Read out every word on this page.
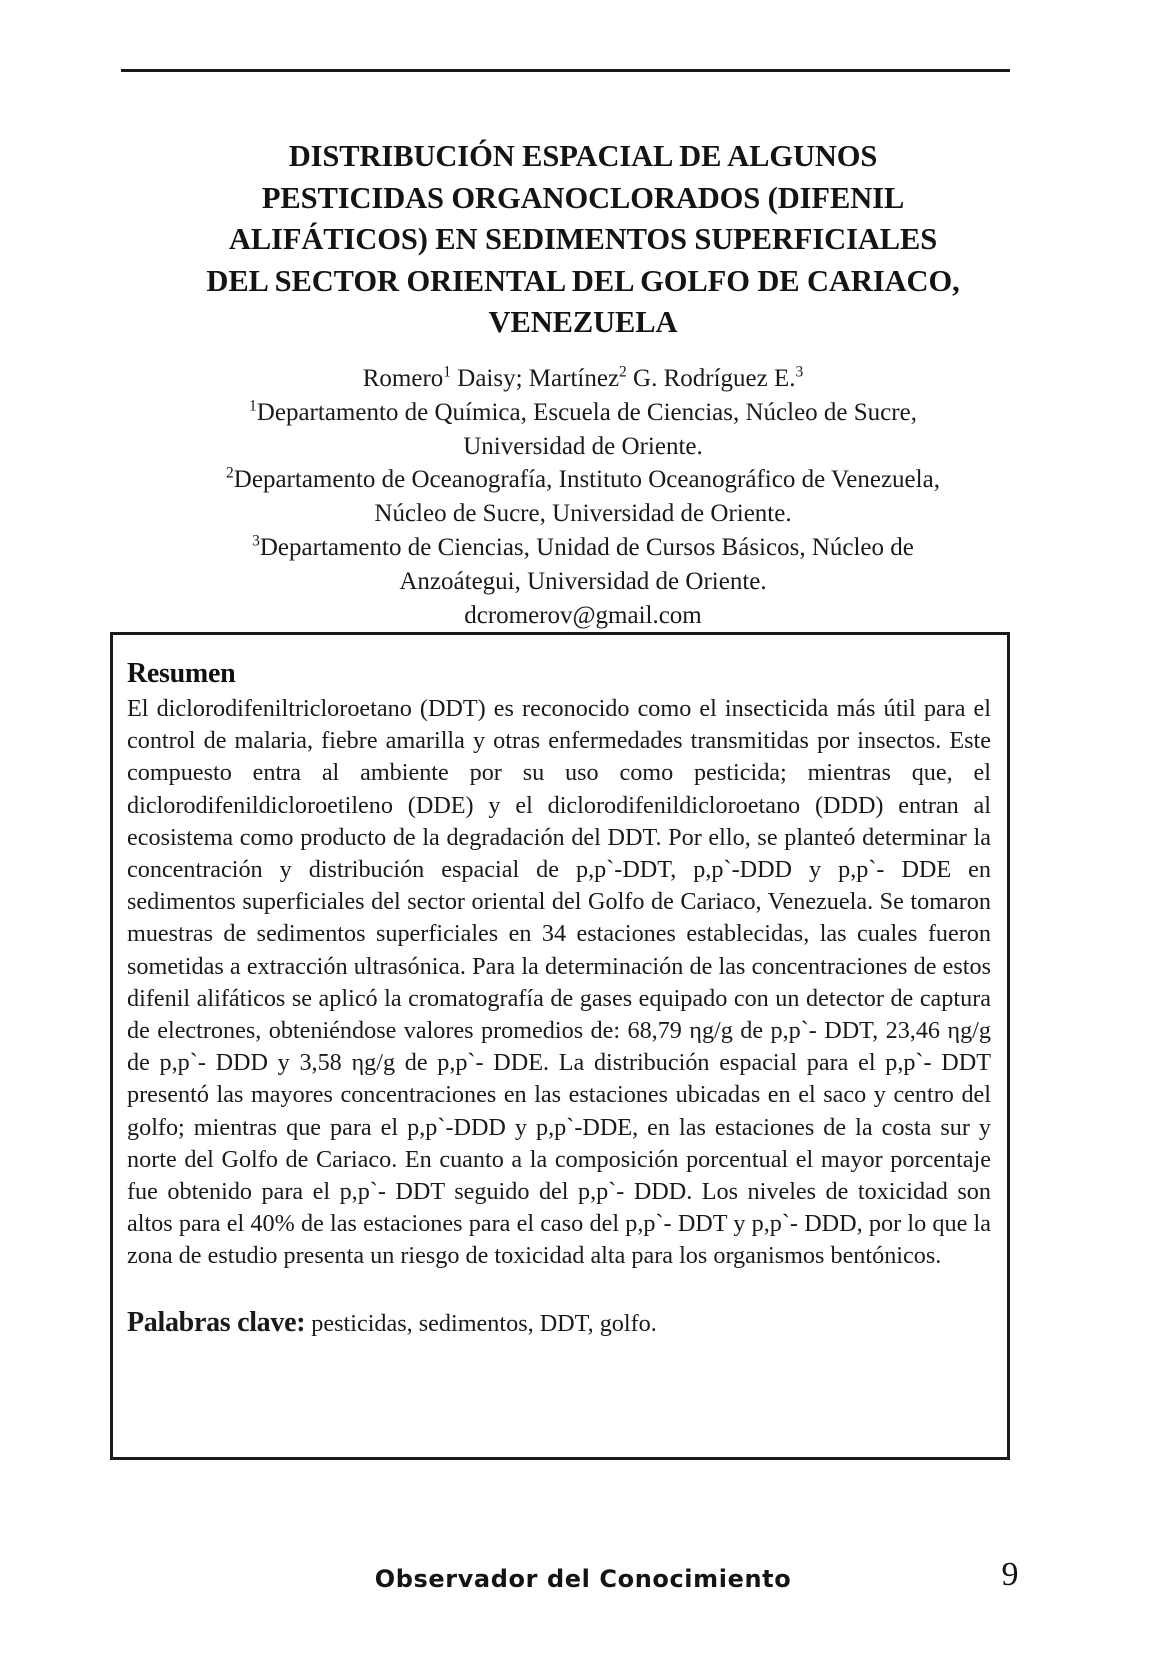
DISTRIBUCIÓN ESPACIAL DE ALGUNOS
PESTICIDAS ORGANOCLORADOS (DIFENIL
ALIFÁTICOS) EN SEDIMENTOS SUPERFICIALES
DEL SECTOR ORIENTAL DEL GOLFO DE CARIACO,
VENEZUELA
Romero$^1$ Daisy; Martínez$^2$ G. Rodríguez E.$^3$
$^1$Departamento de Química, Escuela de Ciencias, Núcleo de Sucre,
Universidad de Oriente.
$^2$Departamento de Oceanografía, Instituto Oceanográfico de Venezuela,
Núcleo de Sucre, Universidad de Oriente.
$^3$Departamento de Ciencias, Unidad de Cursos Básicos, Núcleo de
Anzoátegui, Universidad de Oriente.
dcromerov@gmail.com
Resumen

El diclorodifeniltricloroetano (DDT) es reconocido como el insecticida más útil para el control de malaria, fiebre amarilla y otras enfermedades transmitidas por insectos. Este compuesto entra al ambiente por su uso como pesticida; mientras que, el diclorodifenildicloroetileno (DDE) y el diclorodifenildicloroetano (DDD) entran al ecosistema como producto de la degradación del DDT. Por ello, se planteó determinar la concentración y distribución espacial de p,p`-DDT, p,p`-DDD y p,p`- DDE en sedimentos superficiales del sector oriental del Golfo de Cariaco, Venezuela. Se tomaron muestras de sedimentos superficiales en 34 estaciones establecidas, las cuales fueron sometidas a extracción ultrasónica. Para la determinación de las concentraciones de estos difenil alifáticos se aplicó la cromatografía de gases equipado con un detector de captura de electrones, obteniéndose valores promedios de: 68,79 ηg/g de p,p`- DDT, 23,46 ηg/g de p,p`- DDD y 3,58 ηg/g de p,p`- DDE. La distribución espacial para el p,p`- DDT presentó las mayores concentraciones en las estaciones ubicadas en el saco y centro del golfo; mientras que para el p,p`-DDD y p,p`-DDE, en las estaciones de la costa sur y norte del Golfo de Cariaco. En cuanto a la composición porcentual el mayor porcentaje fue obtenido para el p,p`- DDT seguido del p,p`- DDD. Los niveles de toxicidad son altos para el 40% de las estaciones para el caso del p,p`- DDT y p,p`- DDD, por lo que la zona de estudio presenta un riesgo de toxicidad alta para los organismos bentónicos.

Palabras clave: pesticidas, sedimentos, DDT, golfo.

Observador del Conocimiento	9
